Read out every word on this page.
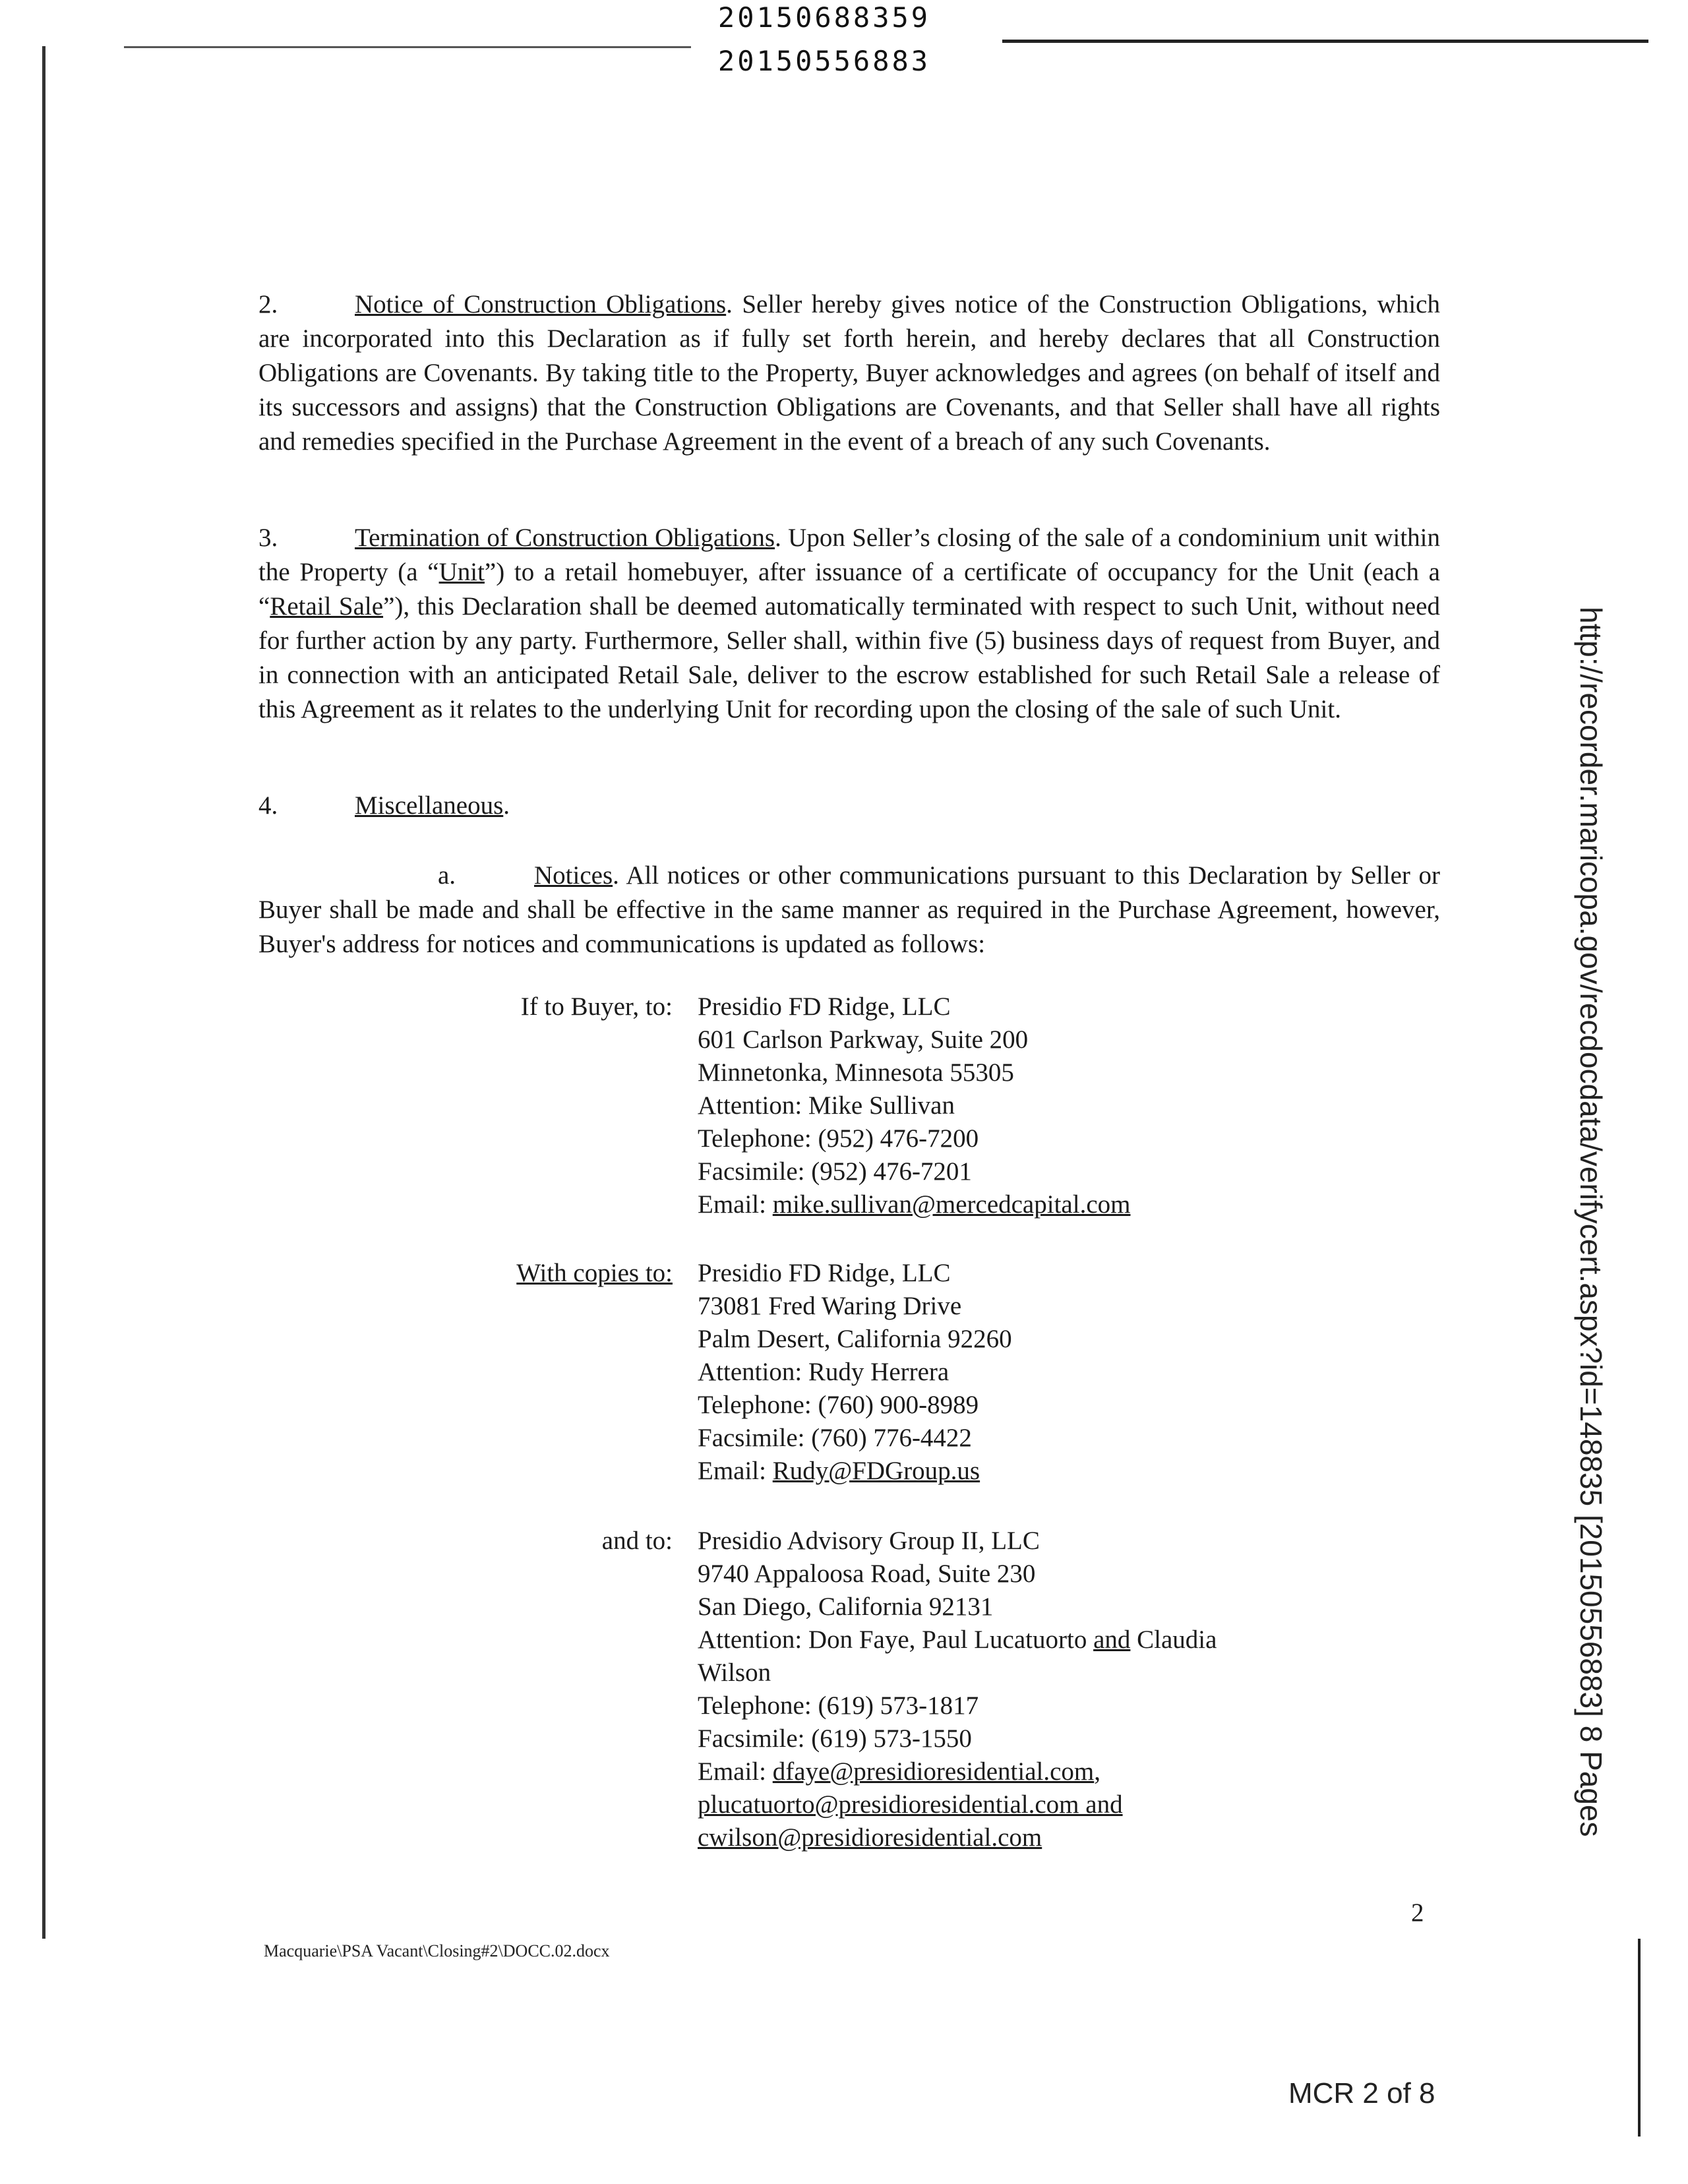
20150688359
20150556883
2.	Notice of Construction Obligations. Seller hereby gives notice of the Construction Obligations, which are incorporated into this Declaration as if fully set forth herein, and hereby declares that all Construction Obligations are Covenants. By taking title to the Property, Buyer acknowledges and agrees (on behalf of itself and its successors and assigns) that the Construction Obligations are Covenants, and that Seller shall have all rights and remedies specified in the Purchase Agreement in the event of a breach of any such Covenants.
3.	Termination of Construction Obligations. Upon Seller’s closing of the sale of a condominium unit within the Property (a “Unit”) to a retail homebuyer, after issuance of a certificate of occupancy for the Unit (each a “Retail Sale”), this Declaration shall be deemed automatically terminated with respect to such Unit, without need for further action by any party. Furthermore, Seller shall, within five (5) business days of request from Buyer, and in connection with an anticipated Retail Sale, deliver to the escrow established for such Retail Sale a release of this Agreement as it relates to the underlying Unit for recording upon the closing of the sale of such Unit.
4.	Miscellaneous.
a.	Notices. All notices or other communications pursuant to this Declaration by Seller or Buyer shall be made and shall be effective in the same manner as required in the Purchase Agreement, however, Buyer's address for notices and communications is updated as follows:
If to Buyer, to: Presidio FD Ridge, LLC
601 Carlson Parkway, Suite 200
Minnetonka, Minnesota 55305
Attention: Mike Sullivan
Telephone: (952) 476-7200
Facsimile: (952) 476-7201
Email: mike.sullivan@mercedcapital.com
With copies to: Presidio FD Ridge, LLC
73081 Fred Waring Drive
Palm Desert, California 92260
Attention: Rudy Herrera
Telephone: (760) 900-8989
Facsimile: (760) 776-4422
Email: Rudy@FDGroup.us
and to: Presidio Advisory Group II, LLC
9740 Appaloosa Road, Suite 230
San Diego, California 92131
Attention: Don Faye, Paul Lucatuorto and Claudia
Wilson
Telephone: (619) 573-1817
Facsimile: (619) 573-1550
Email: dfaye@presidioresidential.com,
plucatuorto@presidioresidential.com and
cwilson@presidioresidential.com
2
Macquarie\PSA Vacant\Closing#2\DOCC.02.docx
MCR 2 of 8
http://recorder.maricopa.gov/recdocdata/verifycert.aspx?id=148835 [20150556883] 8 Pages
